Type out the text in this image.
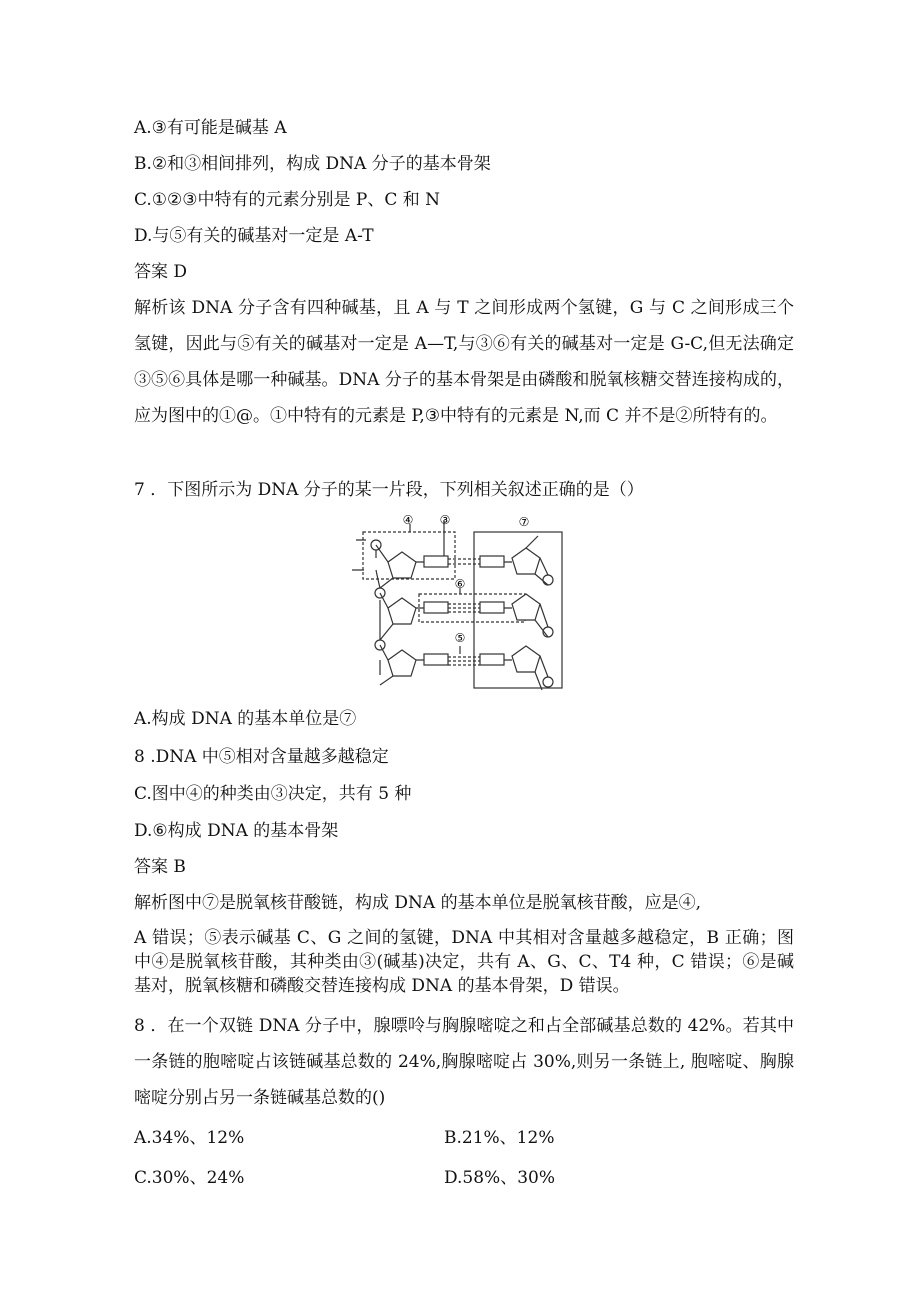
A.③有可能是碱基 A
B.②和③相间排列，构成 DNA 分子的基本骨架
C.①②③中特有的元素分别是 P、C 和 N
D.与⑤有关的碱基对一定是 A-T
答案 D
解析该 DNA 分子含有四种碱基，且 A 与 T 之间形成两个氢键，G 与 C 之间形成三个氢键，因此与⑤有关的碱基对一定是 A—T,与③⑥有关的碱基对一定是 G-C,但无法确定③⑤⑥具体是哪一种碱基。DNA 分子的基本骨架是由磷酸和脱氧核糖交替连接构成的，应为图中的①@。①中特有的元素是 P,③中特有的元素是 N,而 C 并不是②所特有的。
7 ．下图所示为 DNA 分子的某一片段，下列相关叙述正确的是（）
④ ③	⑦
⑥
⑤
A.构成 DNA 的基本单位是⑦
8 .DNA 中⑤相对含量越多越稳定
C.图中④的种类由③决定，共有 5 种
D.⑥构成 DNA 的基本骨架
答案 B
解析图中⑦是脱氧核苷酸链，构成 DNA 的基本单位是脱氧核苷酸，应是④,
A 错误；⑤表示碱基 C、G 之间的氢键，DNA 中其相对含量越多越稳定，B 正确；图中④是脱氧核苷酸，其种类由③(碱基)决定，共有 A、G、C、T4 种，C 错误；⑥是碱基对，脱氧核糖和磷酸交替连接构成 DNA 的基本骨架，D 错误。
8 ．在一个双链 DNA 分子中，腺嘌呤与胸腺嘧啶之和占全部碱基总数的 42%。若其中一条链的胞嘧啶占该链碱基总数的 24%,胸腺嘧啶占 30%,则另一条链上, 胞嘧啶、胸腺嘧啶分别占另一条链碱基总数的()
A.34%、12%	B.21%、12%
C.30%、24%	D.58%、30%
